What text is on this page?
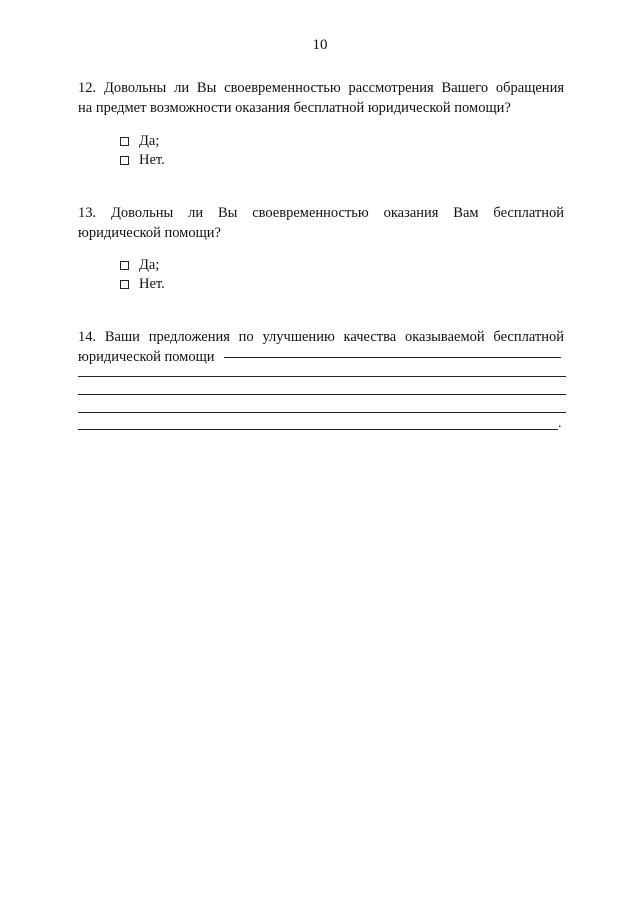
10
12. Довольны ли Вы своевременностью рассмотрения Вашего обращения
на предмет возможности оказания бесплатной юридической помощи?
Да;
Нет.
13. Довольны ли Вы своевременностью оказания Вам бесплатной
юридической помощи?
Да;
Нет.
14. Ваши предложения по улучшению качества оказываемой бесплатной
юридической помощи
.
